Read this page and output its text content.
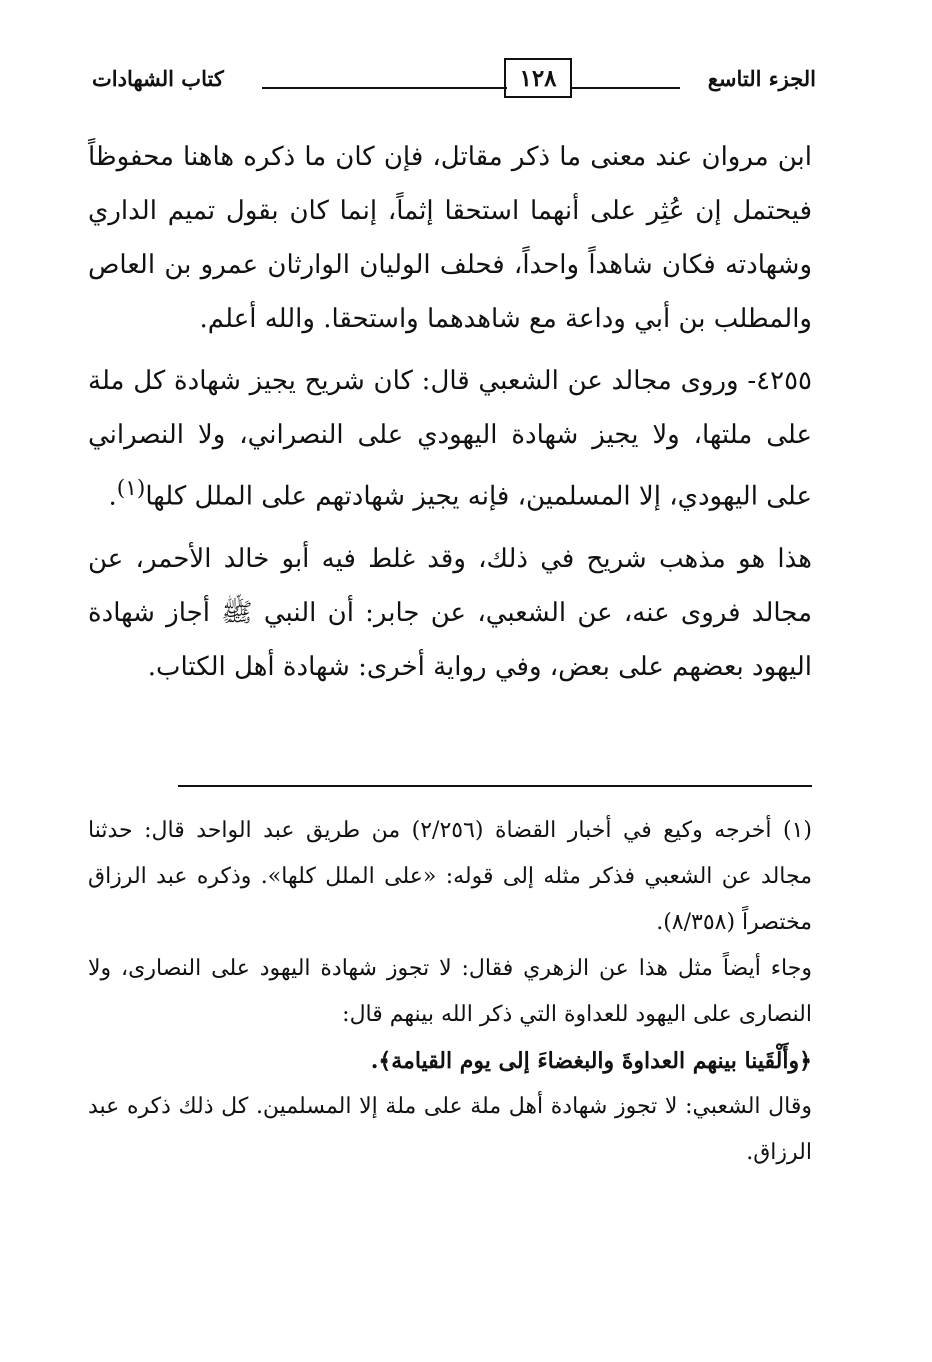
كتاب الشهادات	١٢٨	الجزء التاسع

ابن مروان عند معنى ما ذكر مقاتل، فإن كان ما ذكره هاهنا محفوظاً فيحتمل إن عُثِر على أنهما استحقا إثماً، إنما كان بقول تميم الداري وشهادته فكان شاهداً واحداً، فحلف الوليان الوارثان عمرو بن العاص والمطلب بن أبي وداعة مع شاهدهما واستحقا. والله أعلم.

٤٢٥٥- وروى مجالد عن الشعبي قال: كان شريح يجيز شهادة كل ملة على ملتها، ولا يجيز شهادة اليهودي على النصراني، ولا النصراني على اليهودي، إلا المسلمين، فإنه يجيز شهادتهم على الملل كلها$^{(١)}$.

هذا هو مذهب شريح في ذلك، وقد غلط فيه أبو خالد الأحمر، عن مجالد فروى عنه، عن الشعبي، عن جابر: أن النبي ﷺ أجاز شهادة اليهود بعضهم على بعض، وفي رواية أخرى: شهادة أهل الكتاب.

(١) أخرجه وكيع في أخبار القضاة (٢/٢٥٦) من طريق عبد الواحد قال: حدثنا مجالد عن الشعبي فذكر مثله إلى قوله: «على الملل كلها». وذكره عبد الرزاق مختصراً (٨/٣٥٨).

وجاء أيضاً مثل هذا عن الزهري فقال: لا تجوز شهادة اليهود على النصارى، ولا النصارى على اليهود للعداوة التي ذكر الله بينهم قال:

﴿وأَلْقَينا بينهم العداوةَ والبغضاءَ إلى يوم القيامة﴾.

وقال الشعبي: لا تجوز شهادة أهل ملة على ملة إلا المسلمين. كل ذلك ذكره عبد الرزاق.
